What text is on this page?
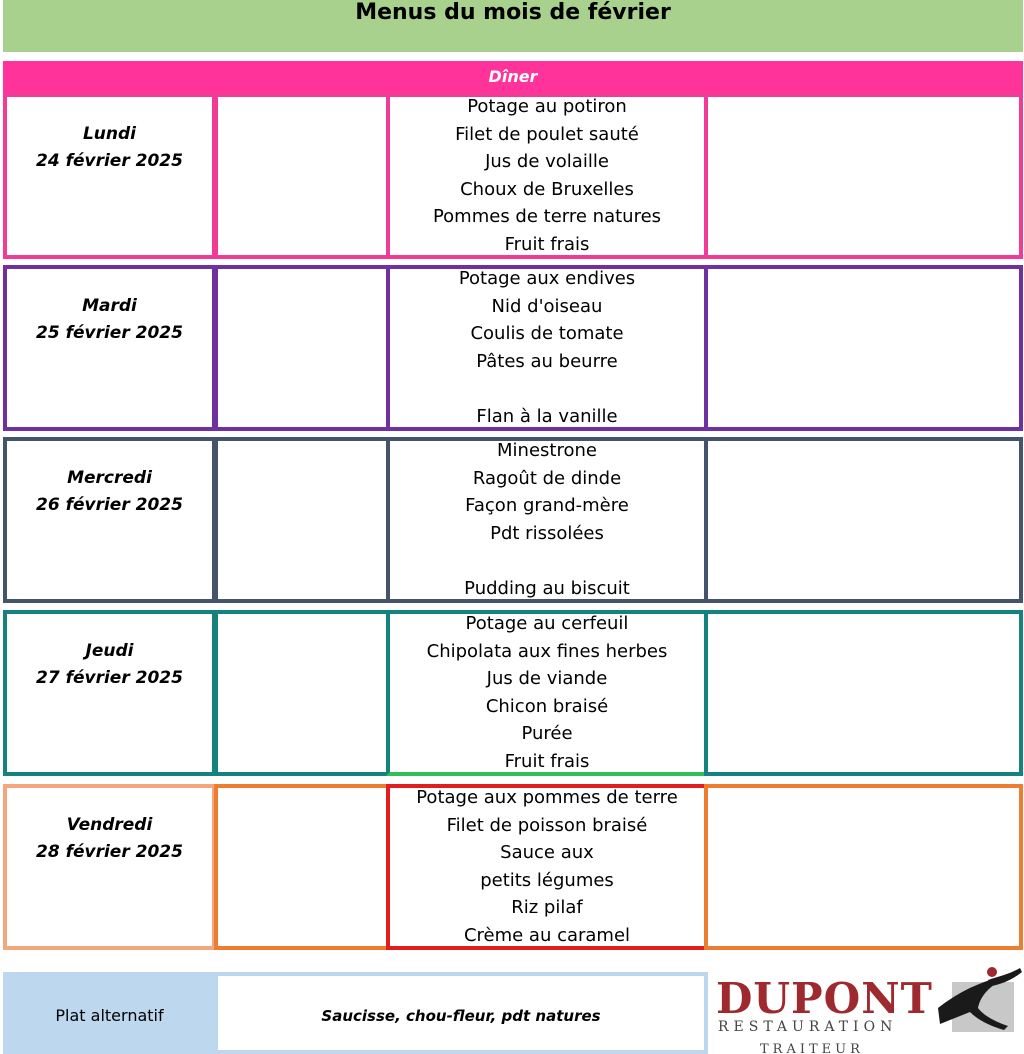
Menus du mois de février
Dîner
Lundi
24 février 2025
Potage au potiron
Filet de poulet sauté
Jus de volaille
Choux de Bruxelles
Pommes de terre natures
Fruit frais
Mardi
25 février 2025
Potage aux endives
Nid d'oiseau
Coulis de tomate
Pâtes au beurre
Flan à la vanille
Mercredi
26 février 2025
Minestrone
Ragoût de dinde
Façon grand-mère
Pdt rissolées
Pudding au biscuit
Jeudi
27 février 2025
Potage au cerfeuil
Chipolata aux fines herbes
Jus de viande
Chicon braisé
Purée
Fruit frais
Vendredi
28 février 2025
Potage aux pommes de terre
Filet de poisson braisé
Sauce aux
petits légumes
Riz pilaf
Crème au caramel
Plat alternatif	Saucisse, chou-fleur, pdt natures	DUPONT
RESTAURATION
TRAITEUR
